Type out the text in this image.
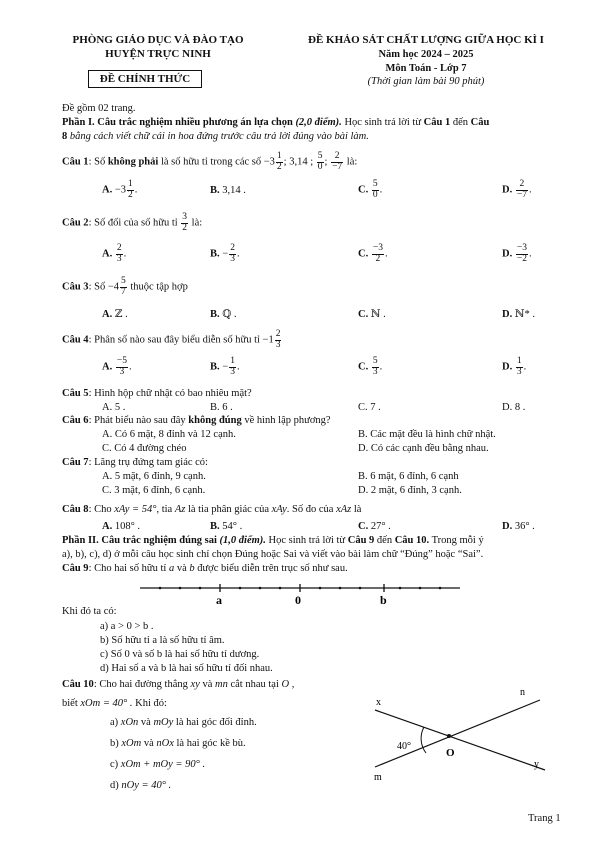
PHÒNG GIÁO DỤC VÀ ĐÀO TẠO
HUYỆN TRỰC NINH
ĐỀ CHÍNH THỨC
ĐỀ KHẢO SÁT CHẤT LƯỢNG GIỮA HỌC KÌ I
Năm học 2024 – 2025
Môn Toán - Lớp 7
(Thời gian làm bài 90 phút)
Đề gồm 02 trang.
Phần I. Câu trắc nghiệm nhiều phương án lựa chọn (2,0 điểm). Học sinh trả lời từ Câu 1 đến Câu
8 bằng cách viết chữ cái in hoa đứng trước câu trả lời đúng vào bài làm.
Câu 1: Số không phải là số hữu tỉ trong các số $-3 \frac{1}{2}$ ; 3,14 ; $\frac{5}{0}$ ; $\frac{2}{-7}$ là:
A. $-3 \frac{1}{2}$ .	B. 3,14 .	C. $\frac{5}{0}$ .	D. $\frac{2}{-7}$ .
Câu 2: Số đối của số hữu tỉ $\frac{3}{2}$ là:
A. $\frac{2}{3}$ .	B. − $\frac{2}{3}$ .	C. $\frac{-3}{2}$ .	D. $\frac{-3}{-2}$ .
Câu 3: Số $-4 \frac{5}{7}$ thuộc tập hợp
A. ℤ .	B. ℚ .	C. ℕ .	D. ℕ* .
Câu 4: Phân số nào sau đây biểu diễn số hữu tỉ $-1 \frac{2}{3}$
A. $\frac{-5}{3}$ .	B. − $\frac{1}{3}$ .	C. $\frac{5}{3}$ .	D. $\frac{1}{3}$ .
Câu 5: Hình hộp chữ nhật có bao nhiêu mặt?
A. 5 .	B. 6 .	C. 7 .	D. 8 .
Câu 6: Phát biểu nào sau đây không đúng về hình lập phương?
A. Có 6 mặt, 8 đỉnh và 12 cạnh.	B. Các mặt đều là hình chữ nhật.
C. Có 4 đường chéo	D. Có các cạnh đều bằng nhau.
Câu 7: Lăng trụ đứng tam giác có:
A. 5 mặt, 6 đỉnh, 9 cạnh.	B. 6 mặt, 6 đỉnh, 6 cạnh
C. 3 mặt, 6 đỉnh, 6 cạnh.	D. 2 mặt, 6 đỉnh, 3 cạnh.
Câu 8: Cho xAy = 54°, tia Az là tia phân giác của xAy. Số đo của xAz là
A. 108° .	B. 54° .	C. 27° .	D. 36° .
Phần II. Câu trắc nghiệm đúng sai (1,0 điểm). Học sinh trả lời từ Câu 9 đến Câu 10. Trong mỗi ý
a), b), c), d) ở mỗi câu học sinh chỉ chọn Đúng hoặc Sai và viết vào bài làm chữ “Đúng” hoặc “Sai”.
Câu 9: Cho hai số hữu tỉ a và b được biểu diễn trên trục số như sau.
a	0	b
Khi đó ta có:
a) a > 0 > b .
b) Số hữu tỉ a là số hữu tỉ âm.
c) Số 0 và số b là hai số hữu tỉ dương.
d) Hai số a và b là hai số hữu tỉ đối nhau.
Câu 10: Cho hai đường thẳng xy và mn cắt nhau tại O ,
biết xOm = 40° . Khi đó:
a) xOn và mOy là hai góc đối đỉnh.
b) xOm và nOx là hai góc kề bù.
c) xOm + mOy = 90° .
d) nOy = 40° .
x
n
m
y
O
40°
Trang 1
